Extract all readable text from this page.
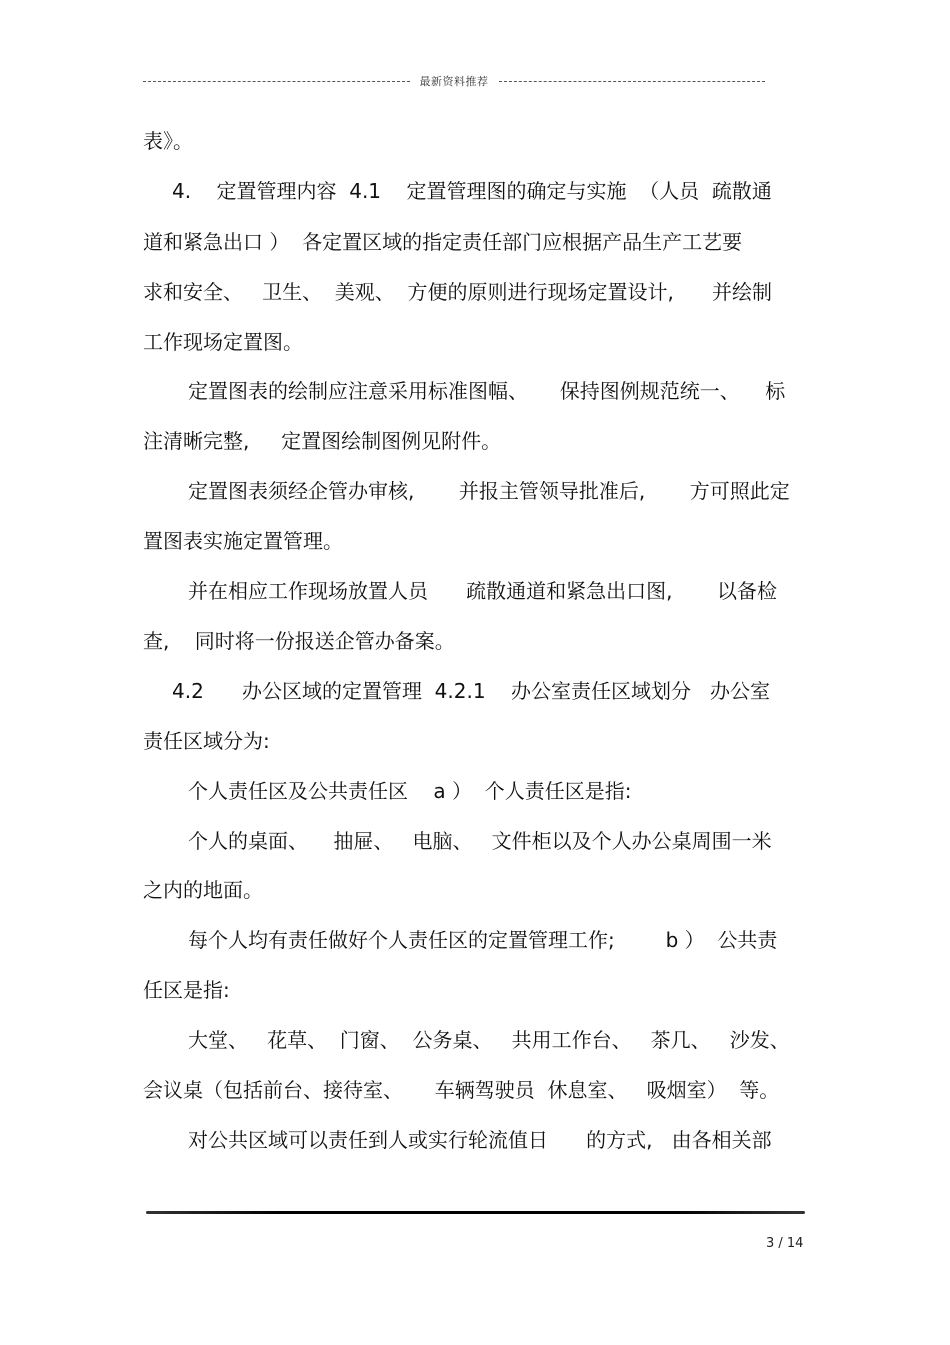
最新资料推荐
表》。
4.    定置管理内容  4.1    定置管理图的确定与实施  （人员  疏散通
道和紧急出口 ）  各定置区域的指定责任部门应根据产品生产工艺要
求和安全、   卫生、  美观、  方便的原则进行现场定置设计,      并绘制
工作现场定置图。
定置图表的绘制应注意采用标准图幅、     保持图例规范统一、    标
注清晰完整,     定置图绘制图例见附件。
定置图表须经企管办审核,       并报主管领导批准后,       方可照此定
置图表实施定置管理。
并在相应工作现场放置人员      疏散通道和紧急出口图,       以备检
查,    同时将一份报送企管办备案。
4.2      办公区域的定置管理  4.2.1    办公室责任区域划分   办公室
责任区域分为:
个人责任区及公共责任区    a ）  个人责任区是指:
个人的桌面、    抽屉、   电脑、   文件柜以及个人办公桌周围一米
之内的地面。
每个人均有责任做好个人责任区的定置管理工作;        b ）  公共责
任区是指:
大堂、   花草、  门窗、  公务桌、   共用工作台、   茶几、   沙发、
会议桌（包括前台、接待室、     车辆驾驶员  休息室、   吸烟室）  等。
对公共区域可以责任到人或实行轮流值日      的方式,   由各相关部
3 / 14
